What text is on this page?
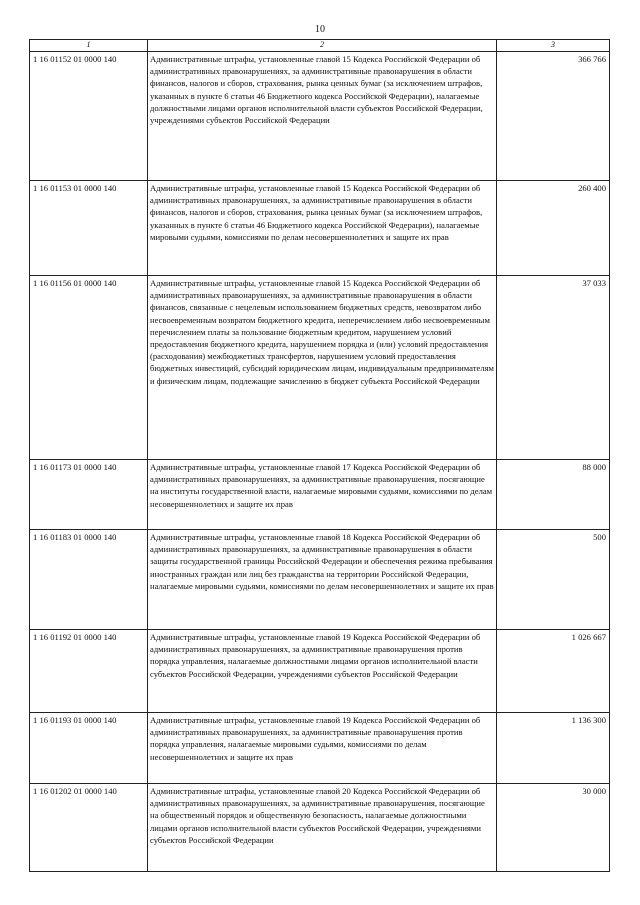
10
1	2	3
1 16 01152 01 0000 140	Административные штрафы, установленные главой 15 Кодекса Российской Федерации об административных правонарушениях, за административные правонарушения в области финансов, налогов и сборов, страхования, рынка ценных бумаг (за исключением штрафов, указанных в пункте 6 статьи 46 Бюджетного кодекса Российской Федерации), налагаемые должностными лицами органов исполнительной власти субъектов Российской Федерации, учреждениями субъектов Российской Федерации	366 766
1 16 01153 01 0000 140	Административные штрафы, установленные главой 15 Кодекса Российской Федерации об административных правонарушениях, за административные правонарушения в области финансов, налогов и сборов, страхования, рынка ценных бумаг (за исключением штрафов, указанных в пункте 6 статьи 46 Бюджетного кодекса Российской Федерации), налагаемые мировыми судьями, комиссиями по делам несовершеннолетних и защите их прав	260 400
1 16 01156 01 0000 140	Административные штрафы, установленные главой 15 Кодекса Российской Федерации об административных правонарушениях, за административные правонарушения в области финансов, связанные с нецелевым использованием бюджетных средств, невозвратом либо несвоевременным возвратом бюджетного кредита, неперечислением либо несвоевременным перечислением платы за пользование бюджетным кредитом, нарушением условий предоставления бюджетного кредита, нарушением порядка и (или) условий предоставления (расходования) межбюджетных трансфертов, нарушением условий предоставления бюджетных инвестиций, субсидий юридическим лицам, индивидуальным предпринимателям и физическим лицам, подлежащие зачислению в бюджет субъекта Российской Федерации	37 033
1 16 01173 01 0000 140	Административные штрафы, установленные главой 17 Кодекса Российской Федерации об административных правонарушениях, за административные правонарушения, посягающие на институты государственной власти, налагаемые мировыми судьями, комиссиями по делам несовершеннолетних и защите их прав	88 000
1 16 01183 01 0000 140	Административные штрафы, установленные главой 18 Кодекса Российской Федерации об административных правонарушениях, за административные правонарушения в области защиты государственной границы Российской Федерации и обеспечения режима пребывания иностранных граждан или лиц без гражданства на территории Российской Федерации, налагаемые мировыми судьями, комиссиями по делам несовершеннолетних и защите их прав	500
1 16 01192 01 0000 140	Административные штрафы, установленные главой 19 Кодекса Российской Федерации об административных правонарушениях, за административные правонарушения против порядка управления, налагаемые должностными лицами органов исполнительной власти субъектов Российской Федерации, учреждениями субъектов Российской Федерации	1 026 667
1 16 01193 01 0000 140	Административные штрафы, установленные главой 19 Кодекса Российской Федерации об административных правонарушениях, за административные правонарушения против порядка управления, налагаемые мировыми судьями, комиссиями по делам несовершеннолетних и защите их прав	1 136 300
1 16 01202 01 0000 140	Административные штрафы, установленные главой 20 Кодекса Российской Федерации об административных правонарушениях, за административные правонарушения, посягающие на общественный порядок и общественную безопасность, налагаемые должностными лицами органов исполнительной власти субъектов Российской Федерации, учреждениями субъектов Российской Федерации	30 000
